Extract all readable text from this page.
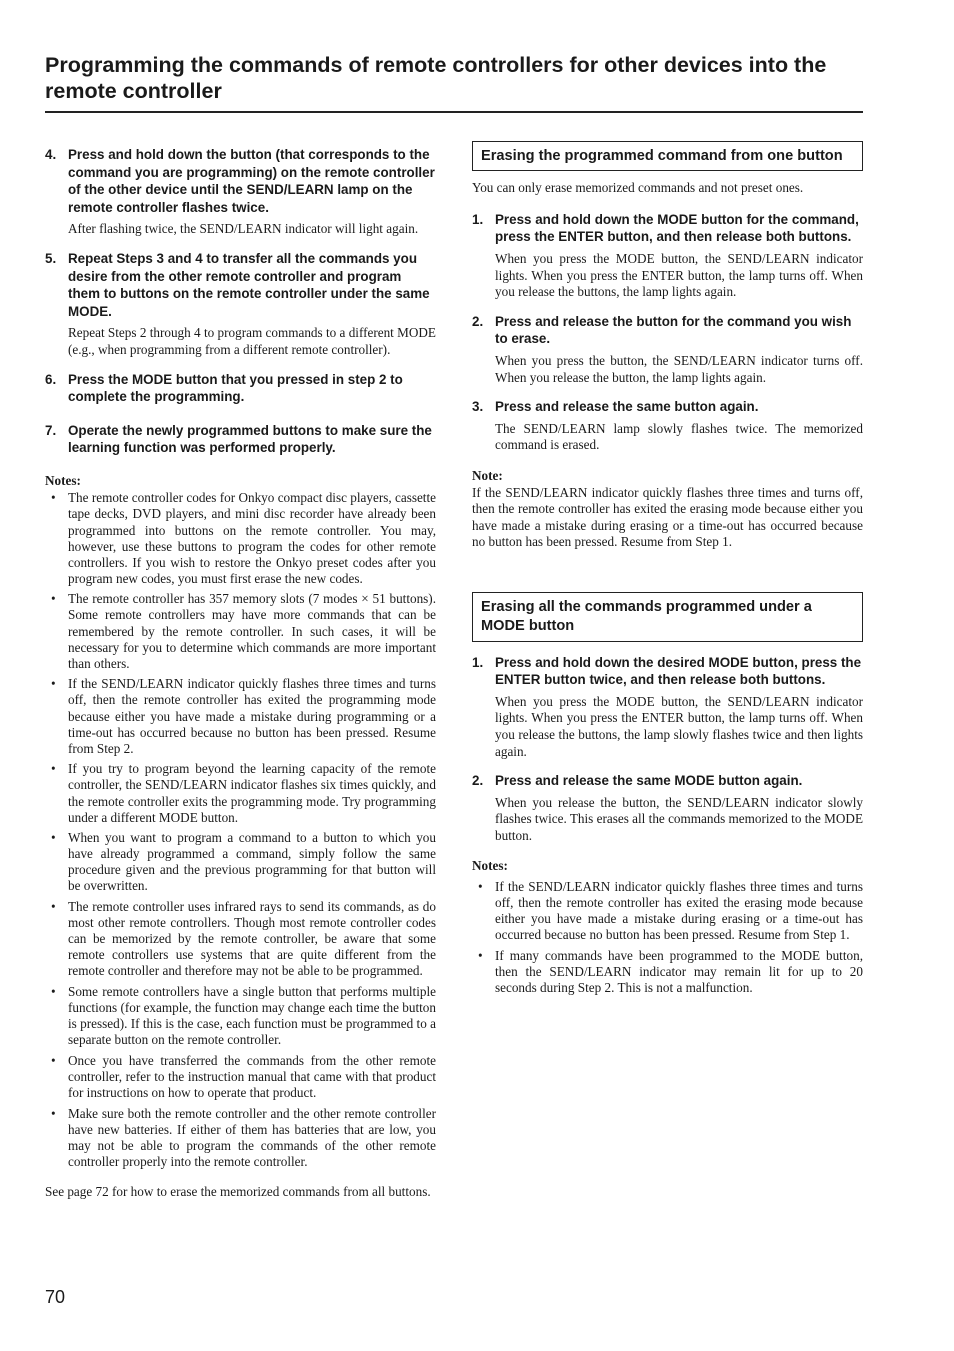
Programming the commands of remote controllers for other devices into the remote controller
4. Press and hold down the button (that corresponds to the command you are programming) on the remote controller of the other device until the SEND/LEARN lamp on the remote controller flashes twice.
After flashing twice, the SEND/LEARN indicator will light again.
5. Repeat Steps 3 and 4 to transfer all the commands you desire from the other remote controller and program them to buttons on the remote controller under the same MODE.
Repeat Steps 2 through 4 to program commands to a different MODE (e.g., when programming from a different remote controller).
6. Press the MODE button that you pressed in step 2 to complete the programming.
7. Operate the newly programmed buttons to make sure the learning function was performed properly.
Notes:
• The remote controller codes for Onkyo compact disc players, cassette tape decks, DVD players, and mini disc recorder have already been programmed into buttons on the remote controller. You may, however, use these buttons to program the codes for other remote controllers. If you wish to restore the Onkyo preset codes after you program new codes, you must first erase the new codes.
• The remote controller has 357 memory slots (7 modes × 51 buttons). Some remote controllers may have more commands that can be remembered by the remote controller. In such cases, it will be necessary for you to determine which commands are more important than others.
• If the SEND/LEARN indicator quickly flashes three times and turns off, then the remote controller has exited the programming mode because either you have made a mistake during programming or a time-out has occurred because no button has been pressed. Resume from Step 2.
• If you try to program beyond the learning capacity of the remote controller, the SEND/LEARN indicator flashes six times quickly, and the remote controller exits the programming mode. Try programming under a different MODE button.
• When you want to program a command to a button to which you have already programmed a command, simply follow the same procedure given and the previous programming for that button will be overwritten.
• The remote controller uses infrared rays to send its commands, as do most other remote controllers. Though most remote controller codes can be memorized by the remote controller, be aware that some remote controllers use systems that are quite different from the remote controller and therefore may not be able to be programmed.
• Some remote controllers have a single button that performs multiple functions (for example, the function may change each time the button is pressed). If this is the case, each function must be programmed to a separate button on the remote controller.
• Once you have transferred the commands from the other remote controller, refer to the instruction manual that came with that product for instructions on how to operate that product.
• Make sure both the remote controller and the other remote controller have new batteries. If either of them has batteries that are low, you may not be able to program the commands of the other remote controller properly into the remote controller.
See page 72 for how to erase the memorized commands from all buttons.
70
Erasing the programmed command from one button
You can only erase memorized commands and not preset ones.
1. Press and hold down the MODE button for the command, press the ENTER button, and then release both buttons.
When you press the MODE button, the SEND/LEARN indicator lights. When you press the ENTER button, the lamp turns off. When you release the buttons, the lamp lights again.
2. Press and release the button for the command you wish to erase.
When you press the button, the SEND/LEARN indicator turns off. When you release the button, the lamp lights again.
3. Press and release the same button again.
The SEND/LEARN lamp slowly flashes twice. The memorized command is erased.
Note:

If the SEND/LEARN indicator quickly flashes three times and turns off, then the remote controller has exited the erasing mode because either you have made a mistake during erasing or a time-out has occurred because no button has been pressed. Resume from Step 1.

Erasing all the commands programmed under a MODE button
1. Press and hold down the desired MODE button, press the ENTER button twice, and then release both buttons.
When you press the MODE button, the SEND/LEARN indicator lights. When you press the ENTER button, the lamp turns off. When you release the buttons, the lamp slowly flashes twice and then lights again.
2. Press and release the same MODE button again.
When you release the button, the SEND/LEARN indicator slowly flashes twice. This erases all the commands memorized to the MODE button.
Notes:
• If the SEND/LEARN indicator quickly flashes three times and turns off, then the remote controller has exited the erasing mode because either you have made a mistake during erasing or a time-out has occurred because no button has been pressed. Resume from Step 1.
• If many commands have been programmed to the MODE button, then the SEND/LEARN indicator may remain lit for up to 20 seconds during Step 2. This is not a malfunction.
